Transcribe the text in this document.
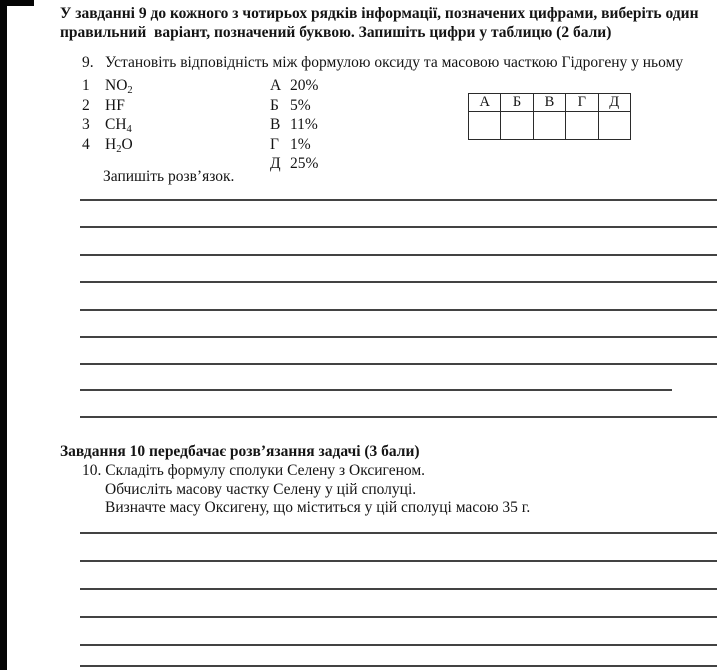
У завданні 9 до кожного з чотирьох рядків інформації, позначених цифрами, виберіть один
правильний  варіант, позначений буквою. Запишіть цифри у таблицю (2 бали)
9. Установіть відповідність між формулою оксиду та масовою часткою Гідрогену у ньому
1 $NO_2$
2 HF
3 $CH_4$
4 $H_2O$
А 20%
Б 5%
В 11%
Г 1%
Д 25%
А	Б	В	Г	Д

Запишіть розв’язок.
Завдання 10 передбачає розв’язання задачі (3 бали)
10. Складіть формулу сполуки Селену з Оксигеном.
Обчисліть масову частку Селену у цій сполуці.
Визначте масу Оксигену, що міститься у цій сполуці масою 35 г.
